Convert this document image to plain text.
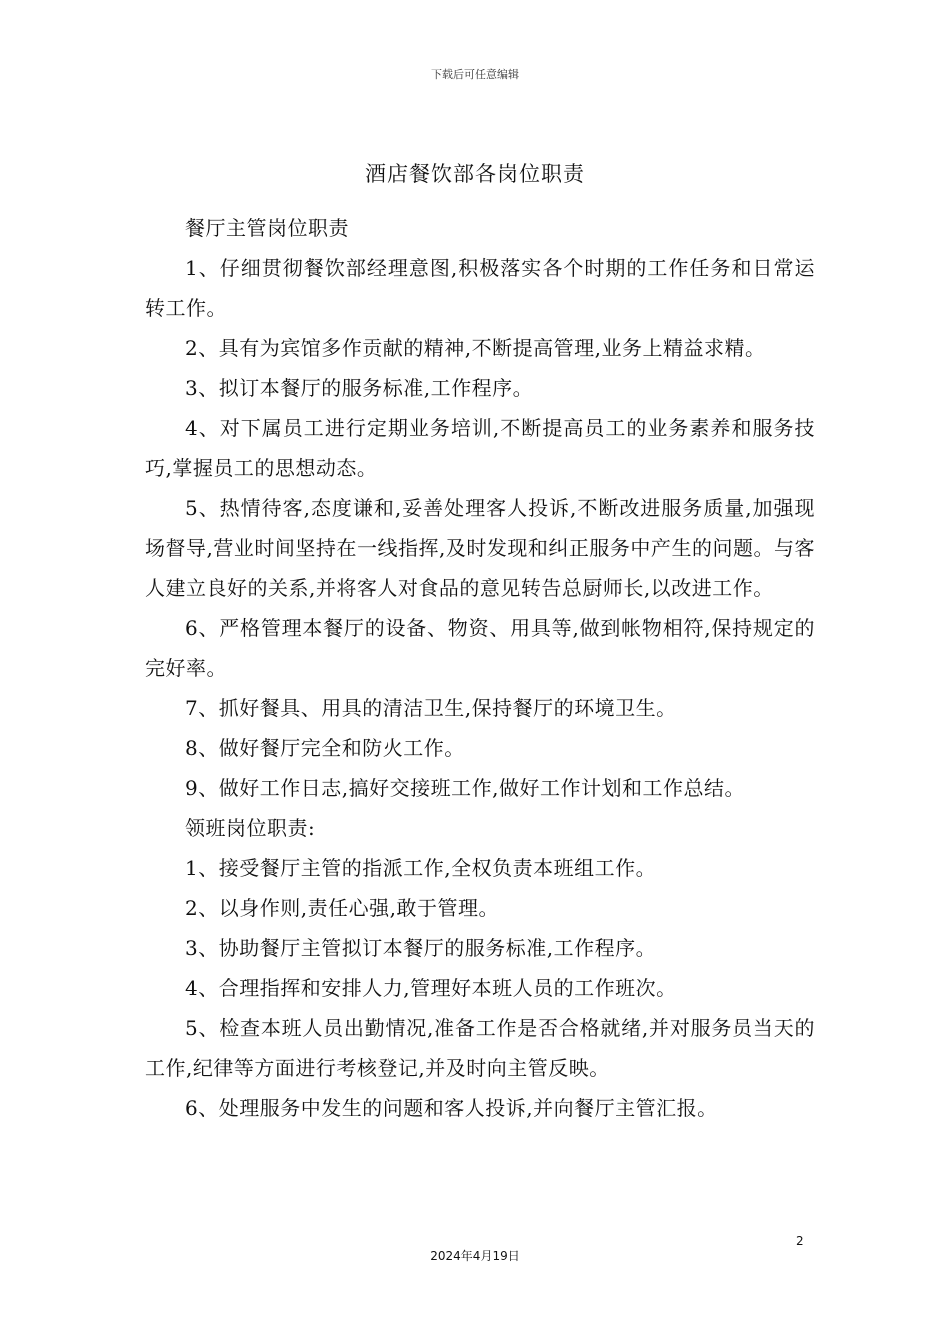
下载后可任意编辑
酒店餐饮部各岗位职责

餐厅主管岗位职责

1、仔细贯彻餐饮部经理意图,积极落实各个时期的工作任务和日常运转工作。

2、具有为宾馆多作贡献的精神,不断提高管理,业务上精益求精。

3、拟订本餐厅的服务标准,工作程序。

4、对下属员工进行定期业务培训,不断提高员工的业务素养和服务技巧,掌握员工的思想动态。

5、热情待客,态度谦和,妥善处理客人投诉,不断改进服务质量,加强现场督导,营业时间坚持在一线指挥,及时发现和纠正服务中产生的问题。与客人建立良好的关系,并将客人对食品的意见转告总厨师长,以改进工作。

6、严格管理本餐厅的设备、物资、用具等,做到帐物相符,保持规定的完好率。

7、抓好餐具、用具的清洁卫生,保持餐厅的环境卫生。

8、做好餐厅完全和防火工作。

9、做好工作日志,搞好交接班工作,做好工作计划和工作总结。

领班岗位职责:

1、接受餐厅主管的指派工作,全权负责本班组工作。

2、以身作则,责任心强,敢于管理。

3、协助餐厅主管拟订本餐厅的服务标准,工作程序。

4、合理指挥和安排人力,管理好本班人员的工作班次。

5、检查本班人员出勤情况,准备工作是否合格就绪,并对服务员当天的工作,纪律等方面进行考核登记,并及时向主管反映。

6、处理服务中发生的问题和客人投诉,并向餐厅主管汇报。

2
2024年4月19日
